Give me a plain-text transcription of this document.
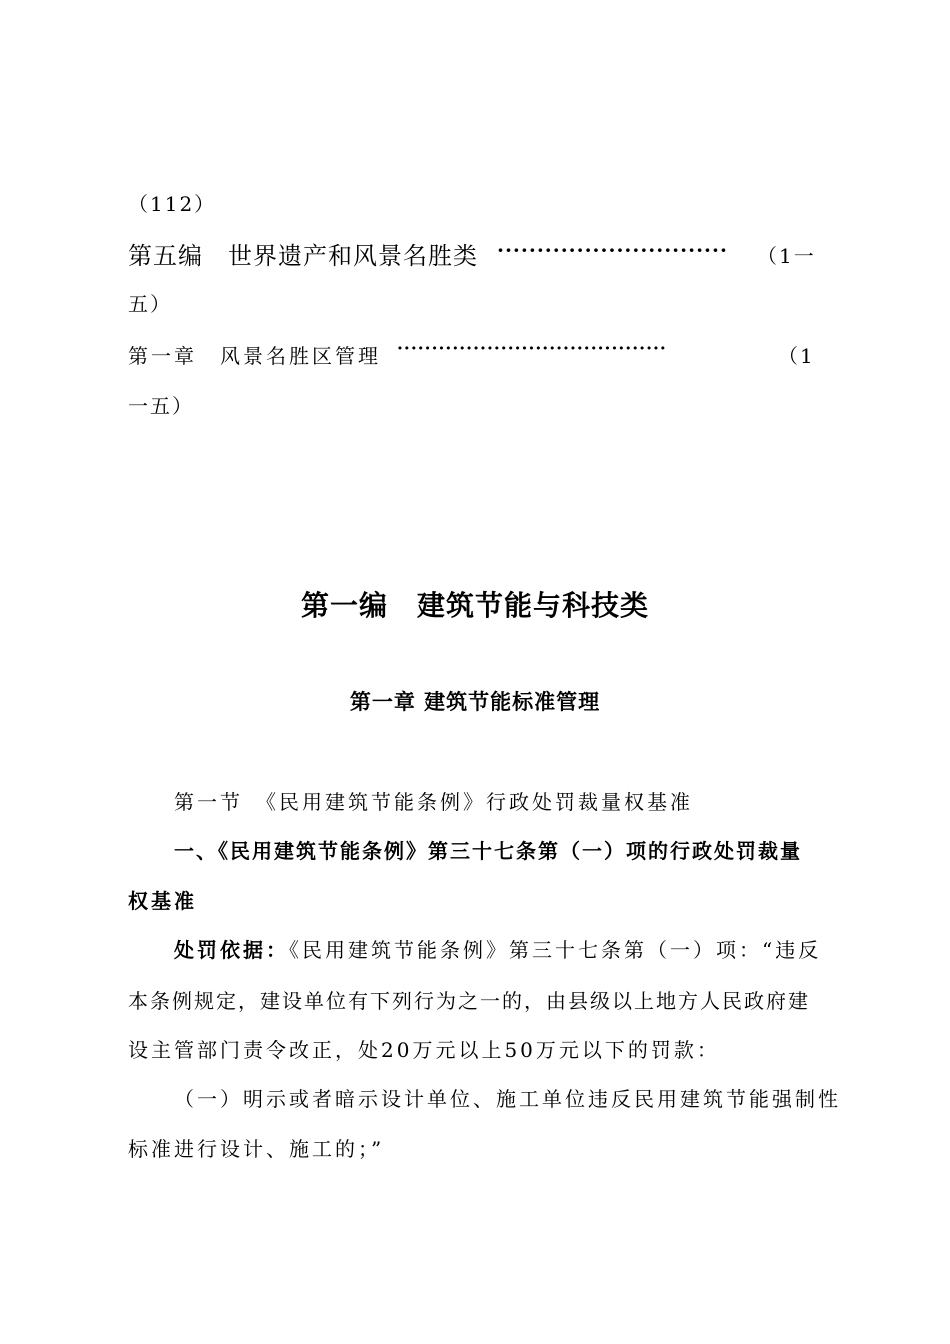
（112）
第五编　世界遗产和风景名胜类 ····························· （1一
五）
第一章　风景名胜区管理 ·······································	（1
一五）
第一编　建筑节能与科技类
第一章 建筑节能标准管理
第一节　《民用建筑节能条例》行政处罚裁量权基准
一、《民用建筑节能条例》第三十七条第（一）项的行政处罚裁量
权基准
处罚依据：《民用建筑节能条例》第三十七条第（一）项：“违反
本条例规定，建设单位有下列行为之一的，由县级以上地方人民政府建
设主管部门责令改正，处20万元以上50万元以下的罚款：
（一）明示或者暗示设计单位、施工单位违反民用建筑节能强制性
标准进行设计、施工的；”
